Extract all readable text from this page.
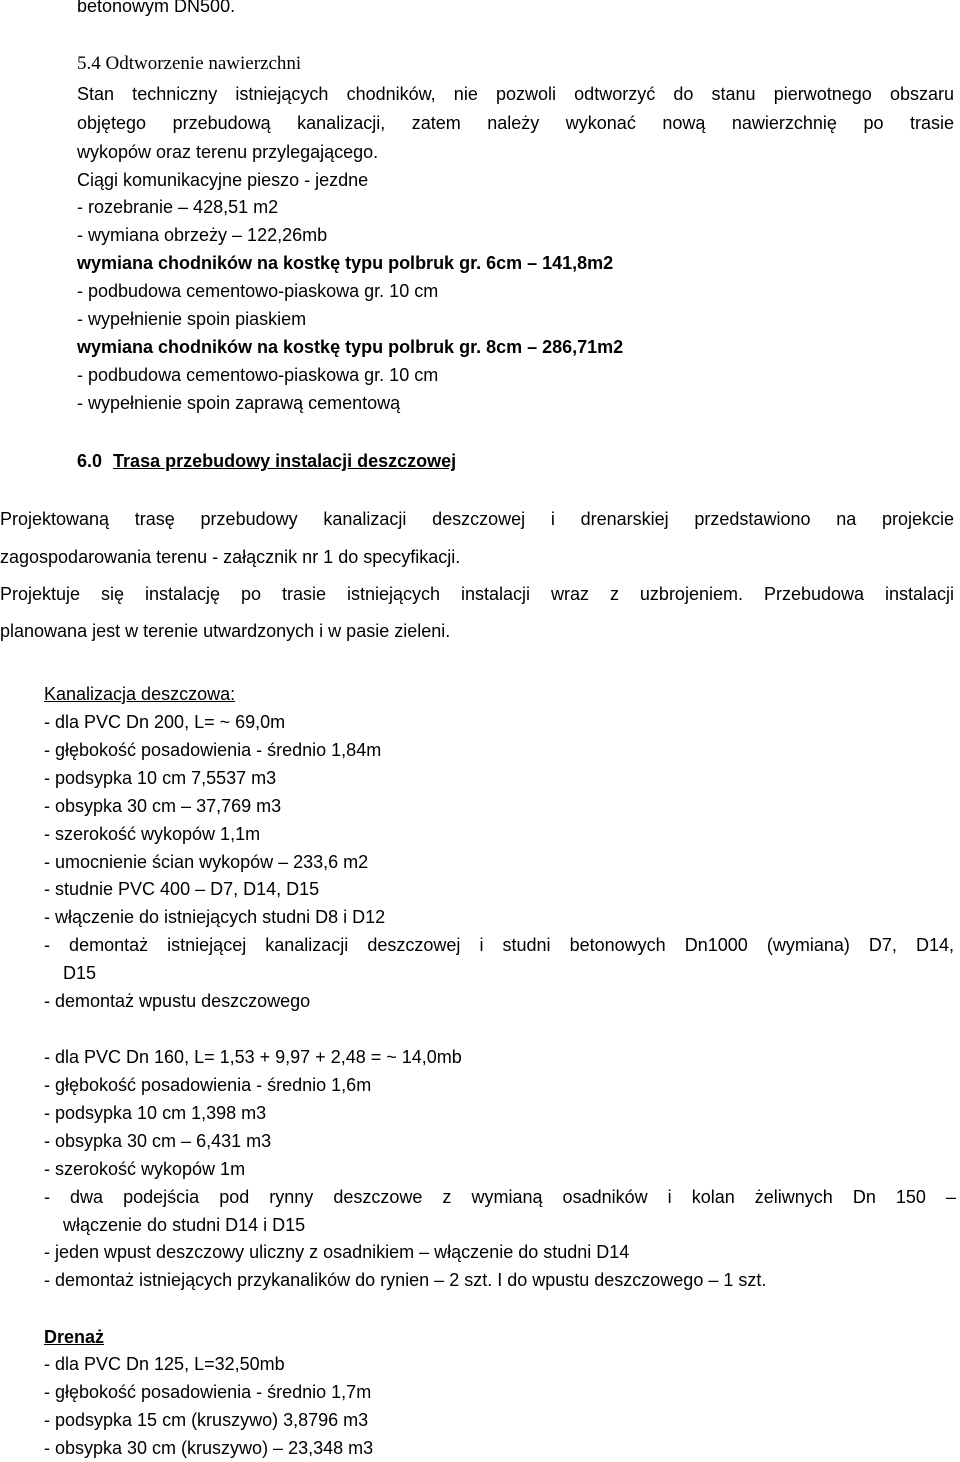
betonowym DN500.
5.4 Odtworzenie nawierzchni
Stan techniczny istniejących chodników, nie pozwoli odtworzyć do stanu pierwotnego obszaru
objętego przebudową kanalizacji, zatem należy wykonać nową nawierzchnię po trasie
wykopów oraz terenu przylegającego.
Ciągi komunikacyjne pieszo - jezdne
- rozebranie – 428,51 m2
- wymiana obrzeży – 122,26mb
wymiana chodników na kostkę typu polbruk gr. 6cm – 141,8m2
- podbudowa cementowo-piaskowa gr. 10 cm
- wypełnienie spoin piaskiem
wymiana chodników na kostkę typu polbruk gr. 8cm – 286,71m2
- podbudowa cementowo-piaskowa gr. 10 cm
- wypełnienie spoin zaprawą cementową
6.0 Trasa przebudowy instalacji deszczowej
Projektowaną trasę przebudowy kanalizacji deszczowej i drenarskiej przedstawiono na projekcie
zagospodarowania terenu - załącznik nr 1 do specyfikacji.
Projektuje się instalację po trasie istniejących instalacji wraz z uzbrojeniem. Przebudowa instalacji
planowana jest w terenie utwardzonych i w pasie zieleni.
Kanalizacja deszczowa:
- dla PVC Dn 200, L= ~ 69,0m
- głębokość posadowienia - średnio 1,84m
- podsypka 10 cm 7,5537 m3
- obsypka 30 cm – 37,769 m3
- szerokość wykopów 1,1m
- umocnienie ścian wykopów – 233,6 m2
- studnie PVC 400 – D7, D14, D15
- włączenie do istniejących studni D8 i D12
- demontaż istniejącej kanalizacji deszczowej i studni betonowych Dn1000 (wymiana) D7, D14,
D15
- demontaż wpustu deszczowego
- dla PVC Dn 160, L= 1,53 + 9,97 + 2,48 = ~ 14,0mb
- głębokość posadowienia - średnio 1,6m
- podsypka 10 cm 1,398 m3
- obsypka 30 cm – 6,431 m3
- szerokość wykopów 1m
- dwa podejścia pod rynny deszczowe z wymianą osadników i kolan żeliwnych Dn 150 –
włączenie do studni D14 i D15
- jeden wpust deszczowy uliczny z osadnikiem – włączenie do studni D14
- demontaż istniejących przykanalików do rynien – 2 szt. I do wpustu deszczowego – 1 szt.
Drenaż
- dla PVC Dn 125, L=32,50mb
- głębokość posadowienia - średnio 1,7m
- podsypka 15 cm (kruszywo) 3,8796 m3
- obsypka 30 cm (kruszywo) – 23,348 m3
